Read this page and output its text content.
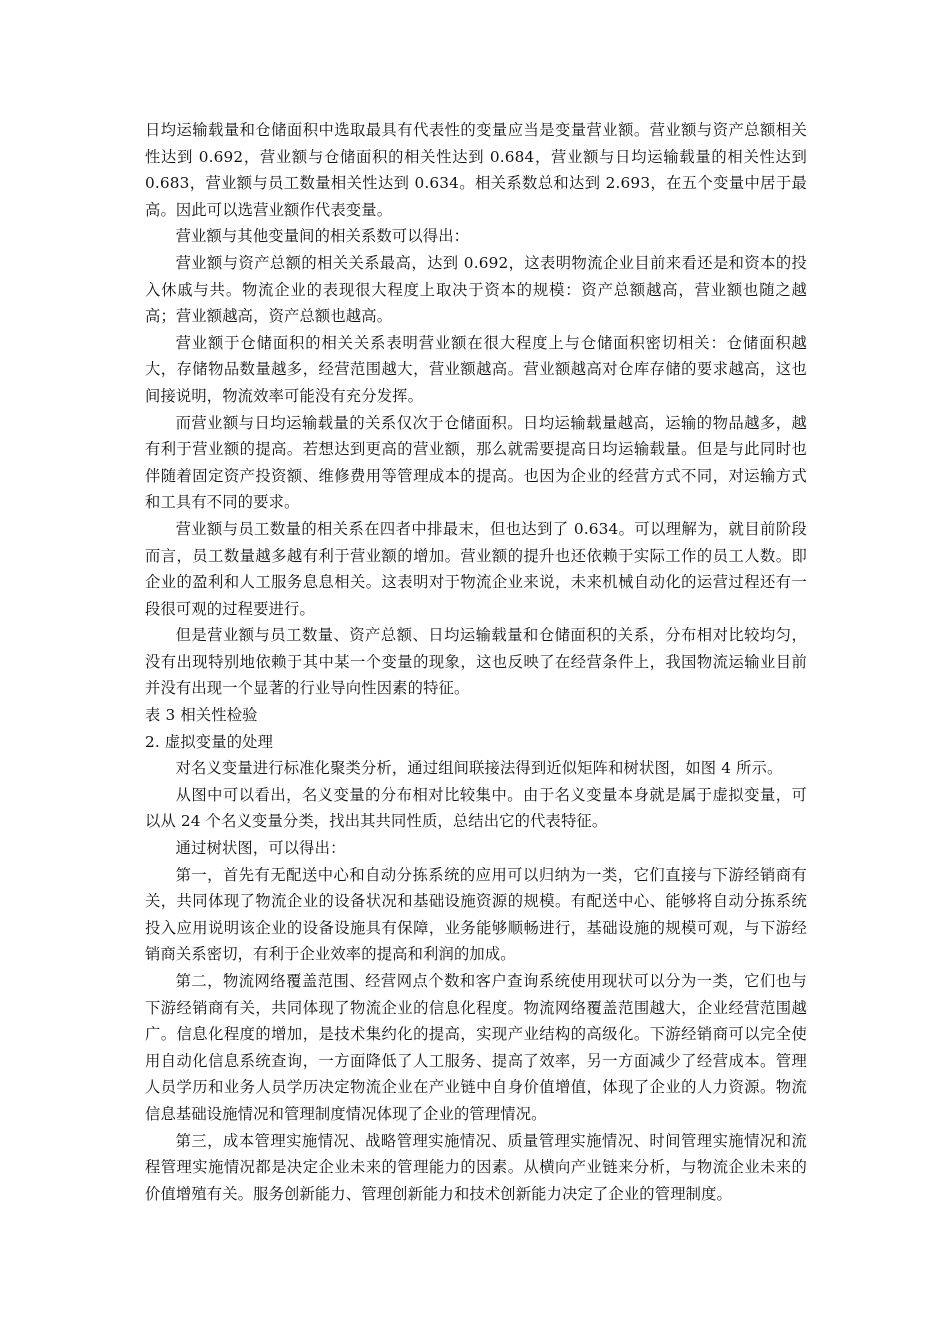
日均运输载量和仓储面积中选取最具有代表性的变量应当是变量营业额。营业额与资产总额相关性达到 0.692，营业额与仓储面积的相关性达到 0.684，营业额与日均运输载量的相关性达到 0.683，营业额与员工数量相关性达到 0.634。相关系数总和达到 2.693，在五个变量中居于最高。因此可以选营业额作代表变量。

营业额与其他变量间的相关系数可以得出：

营业额与资产总额的相关关系最高，达到 0.692，这表明物流企业目前来看还是和资本的投入休戚与共。物流企业的表现很大程度上取决于资本的规模：资产总额越高，营业额也随之越高；营业额越高，资产总额也越高。

营业额于仓储面积的相关关系表明营业额在很大程度上与仓储面积密切相关：仓储面积越大，存储物品数量越多，经营范围越大，营业额越高。营业额越高对仓库存储的要求越高，这也间接说明，物流效率可能没有充分发挥。

而营业额与日均运输载量的关系仅次于仓储面积。日均运输载量越高，运输的物品越多，越有利于营业额的提高。若想达到更高的营业额，那么就需要提高日均运输载量。但是与此同时也伴随着固定资产投资额、维修费用等管理成本的提高。也因为企业的经营方式不同，对运输方式和工具有不同的要求。

营业额与员工数量的相关系在四者中排最末，但也达到了 0.634。可以理解为，就目前阶段而言，员工数量越多越有利于营业额的增加。营业额的提升也还依赖于实际工作的员工人数。即企业的盈利和人工服务息息相关。这表明对于物流企业来说，未来机械自动化的运营过程还有一段很可观的过程要进行。

但是营业额与员工数量、资产总额、日均运输载量和仓储面积的关系，分布相对比较均匀，没有出现特别地依赖于其中某一个变量的现象，这也反映了在经营条件上，我国物流运输业目前并没有出现一个显著的行业导向性因素的特征。

表 3 相关性检验

2. 虚拟变量的处理

对名义变量进行标准化聚类分析，通过组间联接法得到近似矩阵和树状图，如图 4 所示。

从图中可以看出，名义变量的分布相对比较集中。由于名义变量本身就是属于虚拟变量，可以从 24 个名义变量分类，找出其共同性质，总结出它的代表特征。

通过树状图，可以得出：

第一，首先有无配送中心和自动分拣系统的应用可以归纳为一类，它们直接与下游经销商有关，共同体现了物流企业的设备状况和基础设施资源的规模。有配送中心、能够将自动分拣系统投入应用说明该企业的设备设施具有保障，业务能够顺畅进行，基础设施的规模可观，与下游经销商关系密切，有利于企业效率的提高和利润的加成。

第二，物流网络覆盖范围、经营网点个数和客户查询系统使用现状可以分为一类，它们也与下游经销商有关，共同体现了物流企业的信息化程度。物流网络覆盖范围越大，企业经营范围越广。信息化程度的增加，是技术集约化的提高，实现产业结构的高级化。下游经销商可以完全使用自动化信息系统查询，一方面降低了人工服务、提高了效率，另一方面减少了经营成本。管理人员学历和业务人员学历决定物流企业在产业链中自身价值增值，体现了企业的人力资源。物流信息基础设施情况和管理制度情况体现了企业的管理情况。

第三，成本管理实施情况、战略管理实施情况、质量管理实施情况、时间管理实施情况和流程管理实施情况都是决定企业未来的管理能力的因素。从横向产业链来分析，与物流企业未来的价值增殖有关。服务创新能力、管理创新能力和技术创新能力决定了企业的管理制度。
